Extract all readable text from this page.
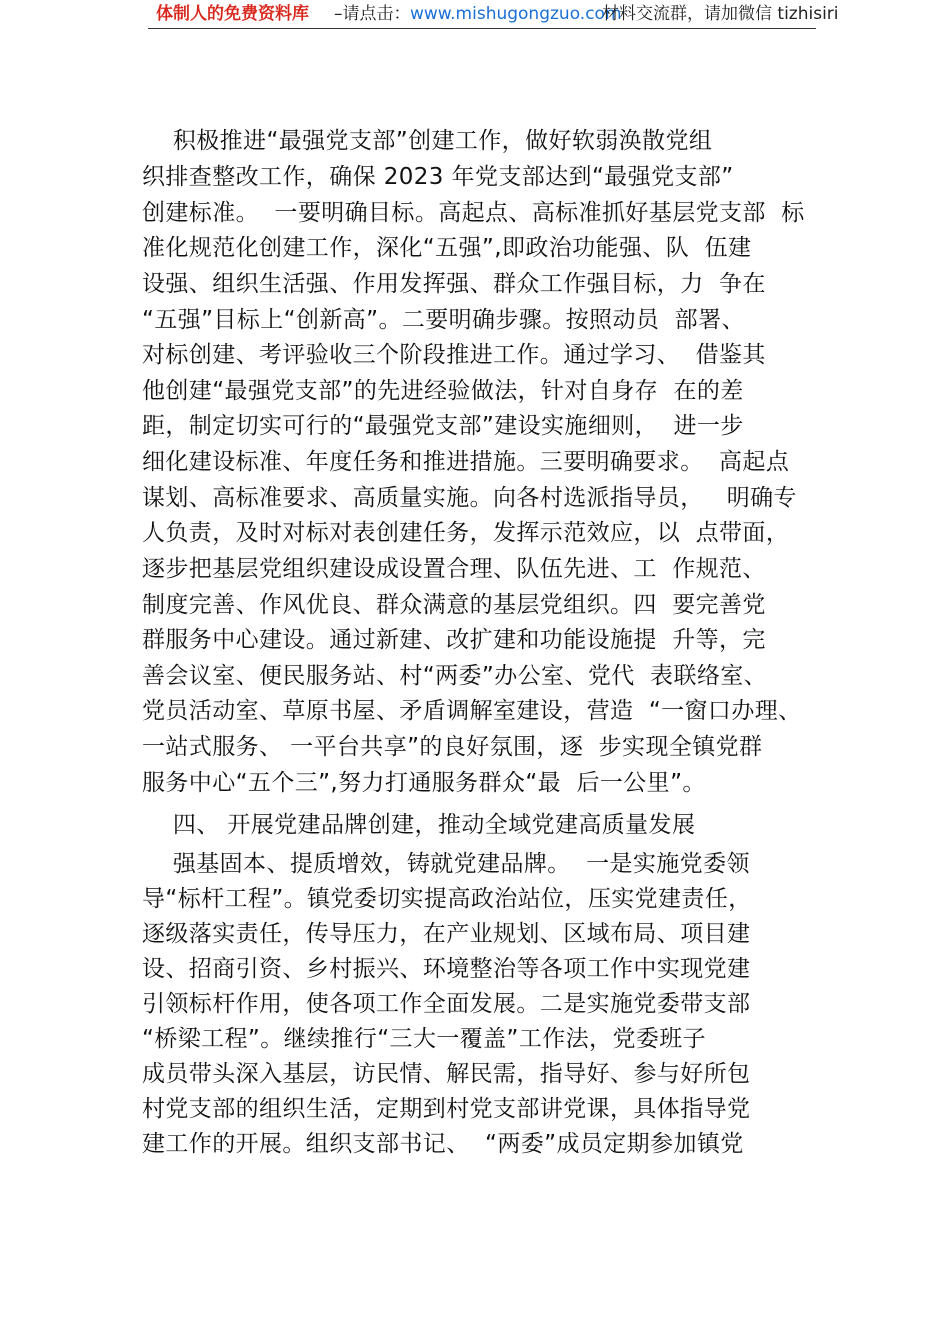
体制人的免费资料库 –请点击： www.mishugongzuo.com
材料交流群，请加微信 tizhisiri
积极推进“最强党支部”创建工作，做好软弱涣散党组
织排查整改工作，确保 2023 年党支部达到“最强党支部”
创建标准。  一要明确目标。高起点、高标准抓好基层党支部  标
准化规范化创建工作，深化“五强”,即政治功能强、队  伍建
设强、组织生活强、作用发挥强、群众工作强目标，力  争在
“五强”目标上“创新高”。二要明确步骤。按照动员  部署、
对标创建、考评验收三个阶段推进工作。通过学习、  借鉴其
他创建“最强党支部”的先进经验做法，针对自身存  在的差
距，制定切实可行的“最强党支部”建设实施细则，  进一步
细化建设标准、年度任务和推进措施。三要明确要求。  高起点
谋划、高标准要求、高质量实施。向各村选派指导员，   明确专
人负责，及时对标对表创建任务，发挥示范效应，以  点带面，
逐步把基层党组织建设成设置合理、队伍先进、工  作规范、
制度完善、作风优良、群众满意的基层党组织。四  要完善党
群服务中心建设。通过新建、改扩建和功能设施提  升等，完
善会议室、便民服务站、村“两委”办公室、党代  表联络室、
党员活动室、草原书屋、矛盾调解室建设，营造  “一窗口办理、
一站式服务、 一平台共享”的良好氛围，逐  步实现全镇党群
服务中心“五个三”,努力打通服务群众“最  后一公里”。
四、 开展党建品牌创建，推动全域党建高质量发展
强基固本、提质增效，铸就党建品牌。  一是实施党委领
导“标杆工程”。镇党委切实提高政治站位，压实党建责任，
逐级落实责任，传导压力，在产业规划、区域布局、项目建
设、招商引资、乡村振兴、环境整治等各项工作中实现党建
引领标杆作用，使各项工作全面发展。二是实施党委带支部
“桥梁工程”。继续推行“三大一覆盖”工作法，党委班子
成员带头深入基层，访民情、解民需，指导好、参与好所包
村党支部的组织生活，定期到村党支部讲党课，具体指导党
建工作的开展。组织支部书记、  “两委”成员定期参加镇党
